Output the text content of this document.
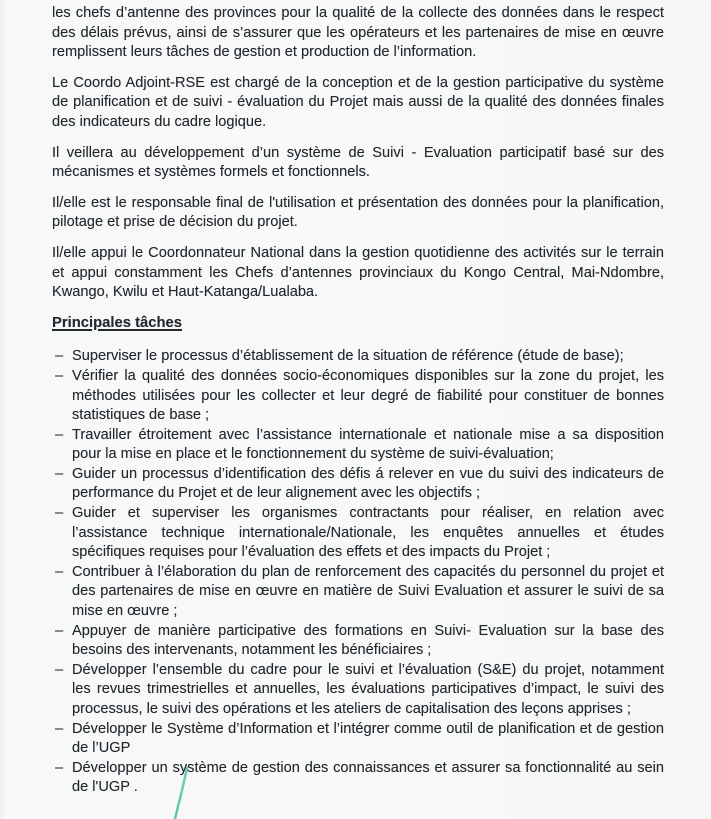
les chefs d’antenne des provinces pour la qualité de la collecte des données dans le respect des délais prévus, ainsi de s’assurer que les opérateurs et les partenaires de mise en œuvre remplissent leurs tâches de gestion et production de l’information.

Le Coordo Adjoint-RSE est chargé de la conception et de la gestion participative du système de planification et de suivi - évaluation du Projet mais aussi de la qualité des données finales des indicateurs du cadre logique.

Il veillera au développement d’un système de Suivi - Evaluation participatif basé sur des mécanismes et systèmes formels et fonctionnels.

Il/elle est le responsable final de l'utilisation et présentation des données pour la planification, pilotage et prise de décision du projet.

Il/elle appui le Coordonnateur National dans la gestion quotidienne des activités sur le terrain et appui constamment les Chefs d’antennes provinciaux du Kongo Central, Mai-Ndombre, Kwango, Kwilu et Haut-Katanga/Lualaba.

Principales tâches
– Superviser le processus d’établissement de la situation de référence (étude de base);
– Vérifier la qualité des données socio-économiques disponibles sur la zone du projet, les méthodes utilisées pour les collecter et leur degré de fiabilité pour constituer de bonnes statistiques de base ;
– Travailler étroitement avec l’assistance internationale et nationale mise a sa disposition pour la mise en place et le fonctionnement du système de suivi-évaluation;
– Guider un processus d’identification des défis á relever en vue du suivi des indicateurs de performance du Projet et de leur alignement avec les objectifs ;
– Guider et superviser les organismes contractants pour réaliser, en relation avec l’assistance technique internationale/Nationale, les enquêtes annuelles et études spécifiques requises pour l’évaluation des effets et des impacts du Projet ;
– Contribuer à l’élaboration du plan de renforcement des capacités du personnel du projet et des partenaires de mise en œuvre en matière de Suivi Evaluation et assurer le suivi de sa mise en œuvre ;
– Appuyer de manière participative des formations en Suivi- Evaluation sur la base des besoins des intervenants, notamment les bénéficiaires ;
– Développer l’ensemble du cadre pour le suivi et l’évaluation (S&E) du projet, notamment les revues trimestrielles et annuelles, les évaluations participatives d’impact, le suivi des processus, le suivi des opérations et les ateliers de capitalisation des leçons apprises ;
– Développer le Système d’Information et l’intégrer comme outil de planification et de gestion de l’UGP
– Développer un système de gestion des connaissances et assurer sa fonctionnalité au sein de l'UGP .
